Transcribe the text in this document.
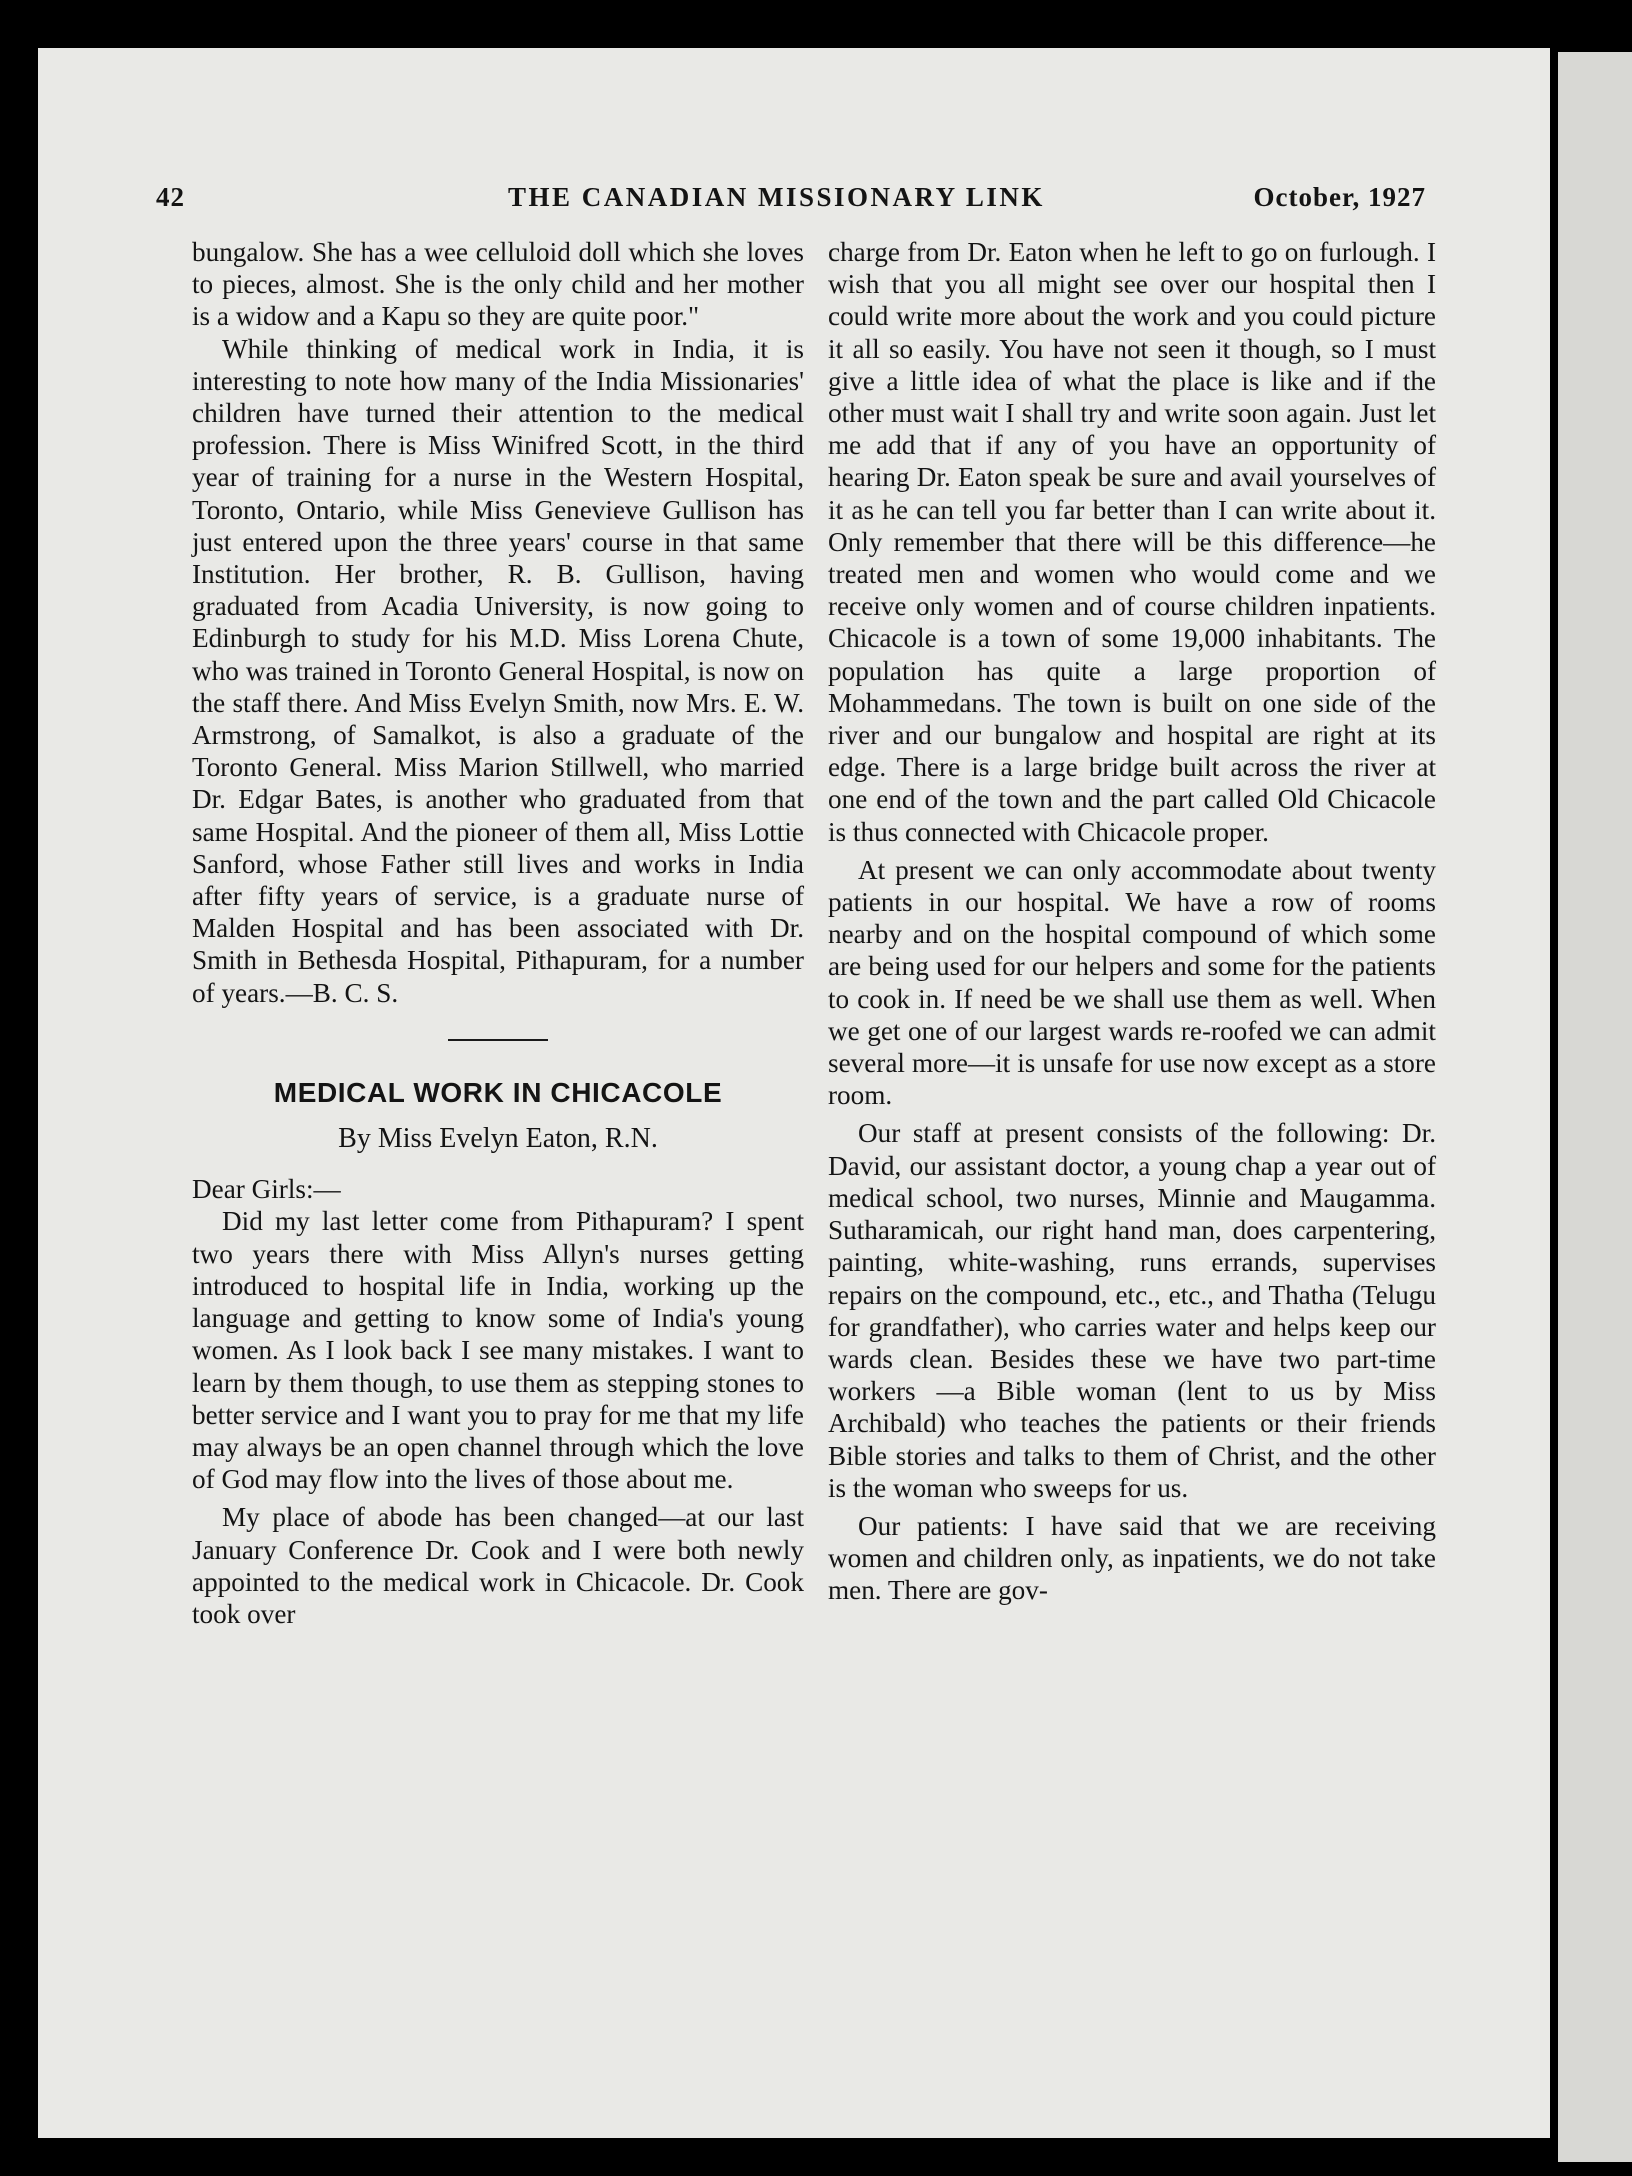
42	THE CANADIAN MISSIONARY LINK	October, 1927

bungalow. She has a wee celluloid doll which she loves to pieces, almost. She is the only child and her mother is a widow and a Kapu so they are quite poor."

While thinking of medical work in India, it is interesting to note how many of the India Missionaries' children have turned their attention to the medical profession. There is Miss Winifred Scott, in the third year of training for a nurse in the Western Hospital, Toronto, Ontario, while Miss Genevieve Gullison has just entered upon the three years' course in that same Institution. Her brother, R. B. Gullison, having graduated from Acadia University, is now going to Edinburgh to study for his M.D. Miss Lorena Chute, who was trained in Toronto General Hospital, is now on the staff there. And Miss Evelyn Smith, now Mrs. E. W. Armstrong, of Samalkot, is also a graduate of the Toronto General. Miss Marion Stillwell, who married Dr. Edgar Bates, is another who graduated from that same Hospital. And the pioneer of them all, Miss Lottie Sanford, whose Father still lives and works in India after fifty years of service, is a graduate nurse of Malden Hospital and has been associated with Dr. Smith in Bethesda Hospital, Pithapuram, for a number of years.—B. C. S.

MEDICAL WORK IN CHICACOLE
By Miss Evelyn Eaton, R.N.

Dear Girls:—

Did my last letter come from Pithapuram? I spent two years there with Miss Allyn's nurses getting introduced to hospital life in India, working up the language and getting to know some of India's young women. As I look back I see many mistakes. I want to learn by them though, to use them as stepping stones to better service and I want you to pray for me that my life may always be an open channel through which the love of God may flow into the lives of those about me.

My place of abode has been changed—at our last January Conference Dr. Cook and I were both newly appointed to the medical work in Chicacole. Dr. Cook took over

charge from Dr. Eaton when he left to go on furlough. I wish that you all might see over our hospital then I could write more about the work and you could picture it all so easily. You have not seen it though, so I must give a little idea of what the place is like and if the other must wait I shall try and write soon again. Just let me add that if any of you have an opportunity of hearing Dr. Eaton speak be sure and avail yourselves of it as he can tell you far better than I can write about it. Only remember that there will be this difference—he treated men and women who would come and we receive only women and of course children inpatients. Chicacole is a town of some 19,000 inhabitants. The population has quite a large proportion of Mohammedans. The town is built on one side of the river and our bungalow and hospital are right at its edge. There is a large bridge built across the river at one end of the town and the part called Old Chicacole is thus connected with Chicacole proper.

At present we can only accommodate about twenty patients in our hospital. We have a row of rooms nearby and on the hospital compound of which some are being used for our helpers and some for the patients to cook in. If need be we shall use them as well. When we get one of our largest wards re-roofed we can admit several more—it is unsafe for use now except as a store room.

Our staff at present consists of the following: Dr. David, our assistant doctor, a young chap a year out of medical school, two nurses, Minnie and Maugamma. Sutharamicah, our right hand man, does carpentering, painting, white-washing, runs errands, supervises repairs on the compound, etc., etc., and Thatha (Telugu for grandfather), who carries water and helps keep our wards clean. Besides these we have two part-time workers —a Bible woman (lent to us by Miss Archibald) who teaches the patients or their friends Bible stories and talks to them of Christ, and the other is the woman who sweeps for us.

Our patients: I have said that we are receiving women and children only, as inpatients, we do not take men. There are gov-
